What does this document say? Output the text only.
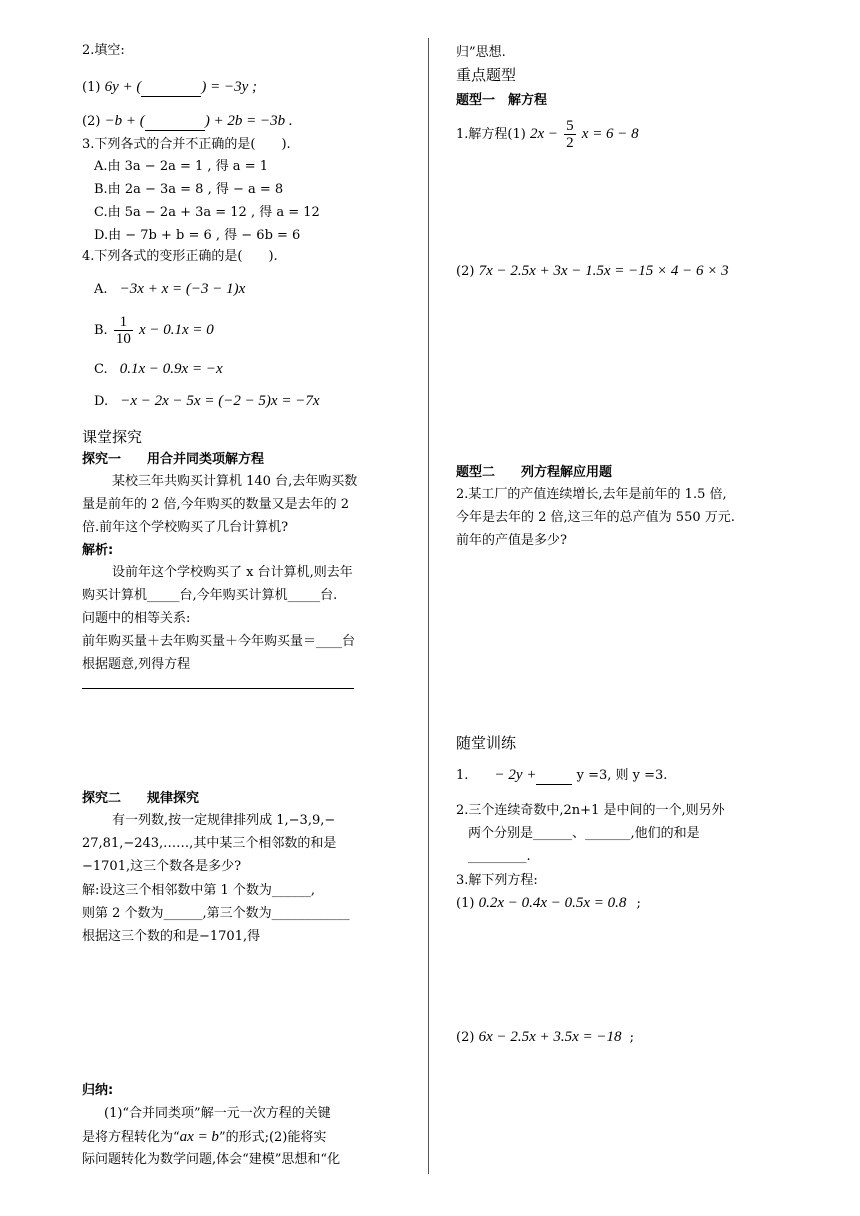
2.填空:
(1) 6y + (	) = −3y ;
(2) −b + (	) + 2b = −3b .
3.下列各式的合并不正确的是(　　).
A.由 3a − 2a = 1 , 得 a = 1
B.由 2a − 3a = 8 , 得 − a = 8
C.由 5a − 2a + 3a = 12 , 得 a = 12
D.由 − 7b + b = 6 , 得 − 6b = 6
4.下列各式的变形正确的是(　　).
A. −3x + x = (−3 − 1)x
B. $\frac{1}{10}$ x − 0.1x = 0
C. 0.1x − 0.9x = −x
D. −x − 2x − 5x = (−2 − 5)x = −7x
课堂探究
探究一　　用合并同类项解方程
某校三年共购买计算机 140 台,去年购买数
量是前年的 2 倍,今年购买的数量又是去年的 2
倍.前年这个学校购买了几台计算机?
解析:
设前年这个学校购买了 x 台计算机,则去年
购买计算机_____台,今年购买计算机_____台.
问题中的相等关系:
前年购买量＋去年购买量＋今年购买量＝____台
根据题意,列得方程
探究二　　规律探究
有一列数,按一定规律排列成 1,−3,9,−
27,81,−243,……,其中某三个相邻数的和是
−1701,这三个数各是多少?
解:设这三个相邻数中第 1 个数为______,
则第 2 个数为______,第三个数为____________
根据这三个数的和是−1701,得
归纳:
(1)“合并同类项”解一元一次方程的关键
是将方程转化为“ax = b”的形式;(2)能将实
际问题转化为数学问题,体会“建模”思想和“化
归”思想.
重点题型
题型一　解方程
1.解方程(1) $2x - \frac{5}{2}$ x = 6 − 8
(2) 7x − 2.5x + 3x − 1.5x = −15 × 4 − 6 × 3
题型二　　列方程解应用题
2.某工厂的产值连续增长,去年是前年的 1.5 倍,
今年是去年的 2 倍,这三年的总产值为 550 万元.
前年的产值是多少?
随堂训练
1. − 2y +	y =3, 则 y =3.
2.三个连续奇数中,2n+1 是中间的一个,则另外
两个分别是______、_______,他们的和是
_________.
3.解下列方程:
(1) 0.2x − 0.4x − 0.5x = 0.8 ;
(2) 6x − 2.5x + 3.5x = −18 ;
